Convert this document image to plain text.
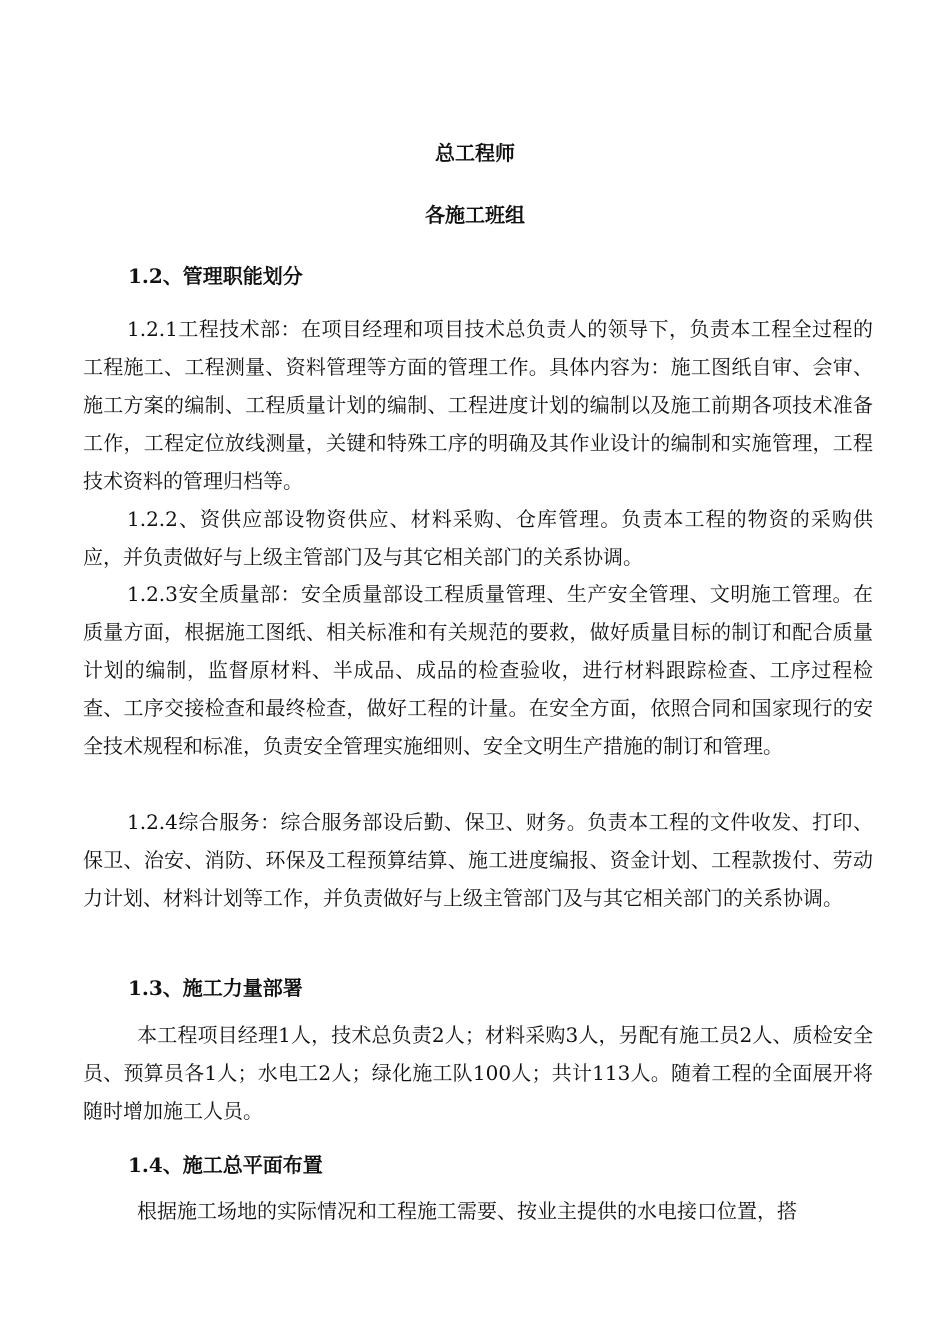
总工程师
各施工班组
1.2、管理职能划分

1.2.1工程技术部：在项目经理和项目技术总负责人的领导下，负责本工程全过程的工程施工、工程测量、资料管理等方面的管理工作。具体内容为：施工图纸自审、会审、施工方案的编制、工程质量计划的编制、工程进度计划的编制以及施工前期各项技术准备工作，工程定位放线测量，关键和特殊工序的明确及其作业设计的编制和实施管理，工程技术资料的管理归档等。

1.2.2、资供应部设物资供应、材料采购、仓库管理。负责本工程的物资的采购供应，并负责做好与上级主管部门及与其它相关部门的关系协调。

1.2.3安全质量部：安全质量部设工程质量管理、生产安全管理、文明施工管理。在质量方面，根据施工图纸、相关标准和有关规范的要救，做好质量目标的制订和配合质量计划的编制，监督原材料、半成品、成品的检查验收，进行材料跟踪检查、工序过程检查、工序交接检查和最终检查，做好工程的计量。在安全方面，依照合同和国家现行的安全技术规程和标准，负责安全管理实施细则、安全文明生产措施的制订和管理。

1.2.4综合服务：综合服务部设后勤、保卫、财务。负责本工程的文件收发、打印、保卫、治安、消防、环保及工程预算结算、施工进度编报、资金计划、工程款拨付、劳动力计划、材料计划等工作，并负责做好与上级主管部门及与其它相关部门的关系协调。

1.3、施工力量部署

本工程项目经理1人，技术总负责2人；材料采购3人，另配有施工员2人、质检安全员、预算员各1人；水电工2人；绿化施工队100人；共计113人。随着工程的全面展开将随时增加施工人员。

1.4、施工总平面布置

根据施工场地的实际情况和工程施工需要、按业主提供的水电接口位置，搭
